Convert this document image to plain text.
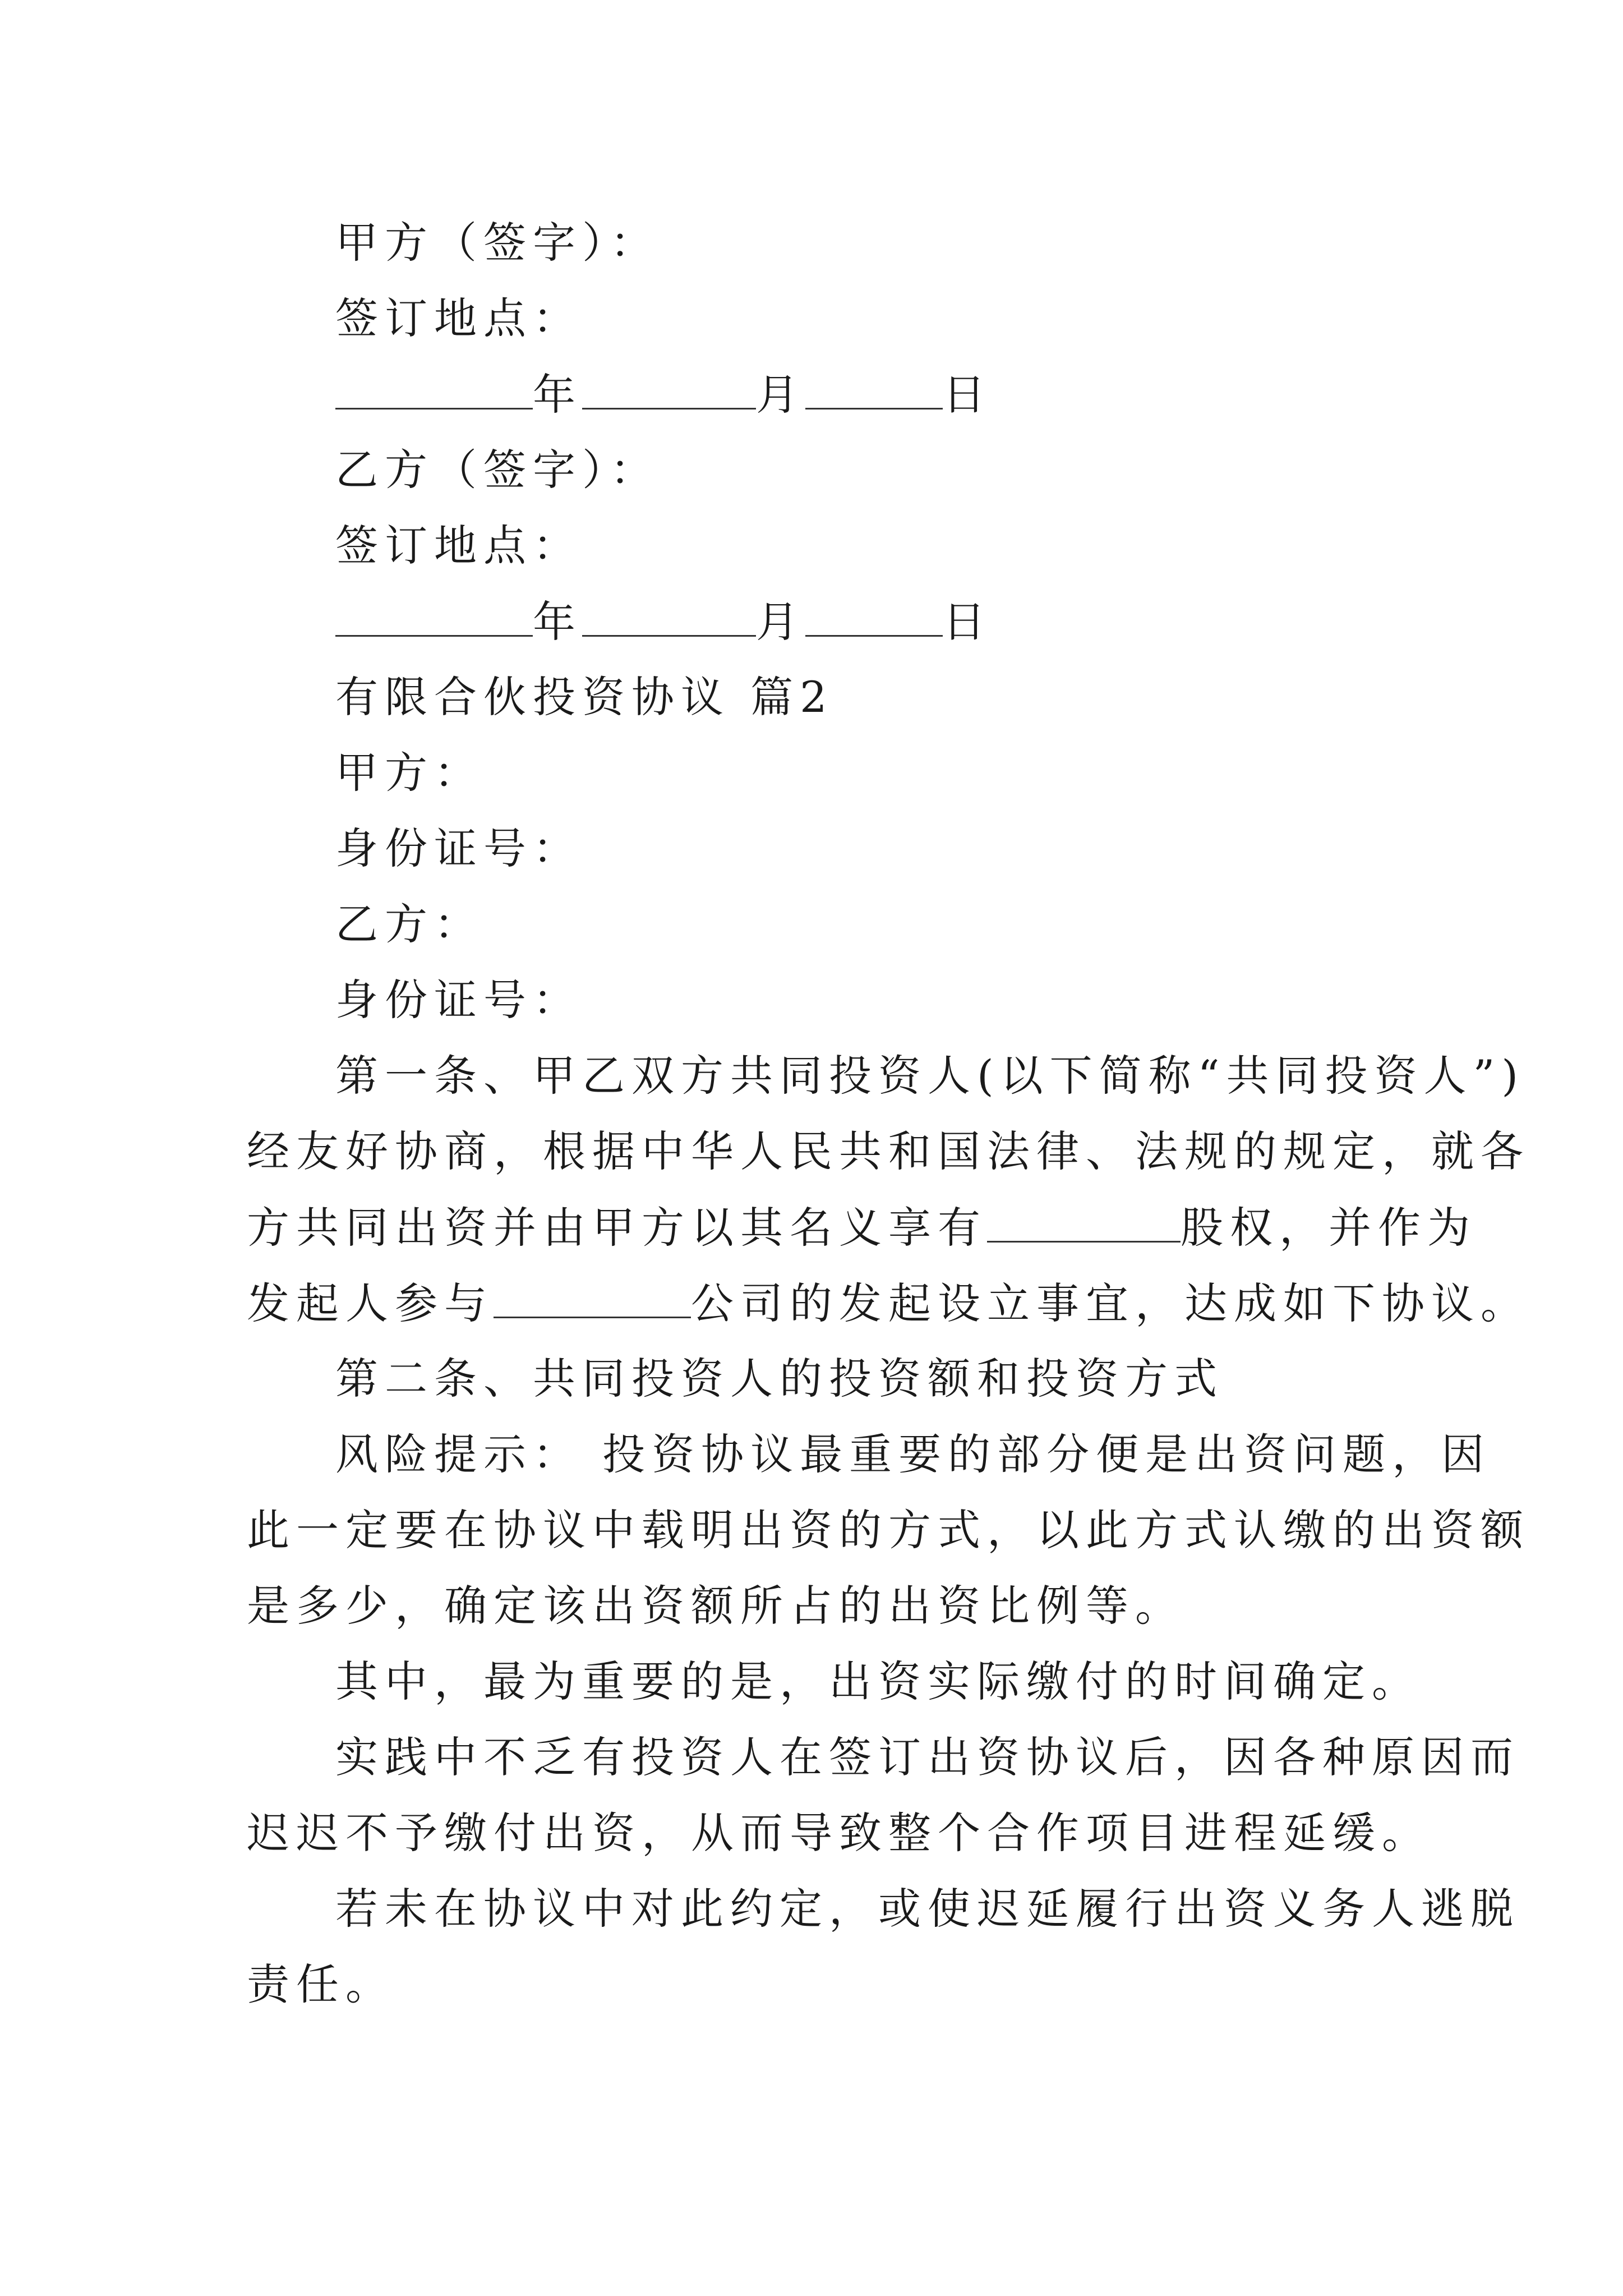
甲方（签字）：
签订地点：
年	月	日
乙方（签字）：
签订地点：
年	月	日
有限合伙投资协议 篇2
甲方：
身份证号：
乙方：
身份证号：
第一条、甲乙双方共同投资人(以下简称“共同投资人”)
经友好协商，根据中华人民共和国法律、法规的规定，就各
方共同出资并由甲方以其名义享有	股权，并作为
发起人参与	公司的发起设立事宜，达成如下协议。
第二条、共同投资人的投资额和投资方式
风险提示： 投资协议最重要的部分便是出资问题，因
此一定要在协议中载明出资的方式，以此方式认缴的出资额
是多少，确定该出资额所占的出资比例等。
其中，最为重要的是，出资实际缴付的时间确定。
实践中不乏有投资人在签订出资协议后，因各种原因而
迟迟不予缴付出资，从而导致整个合作项目进程延缓。
若未在协议中对此约定，或使迟延履行出资义务人逃脱
责任。
